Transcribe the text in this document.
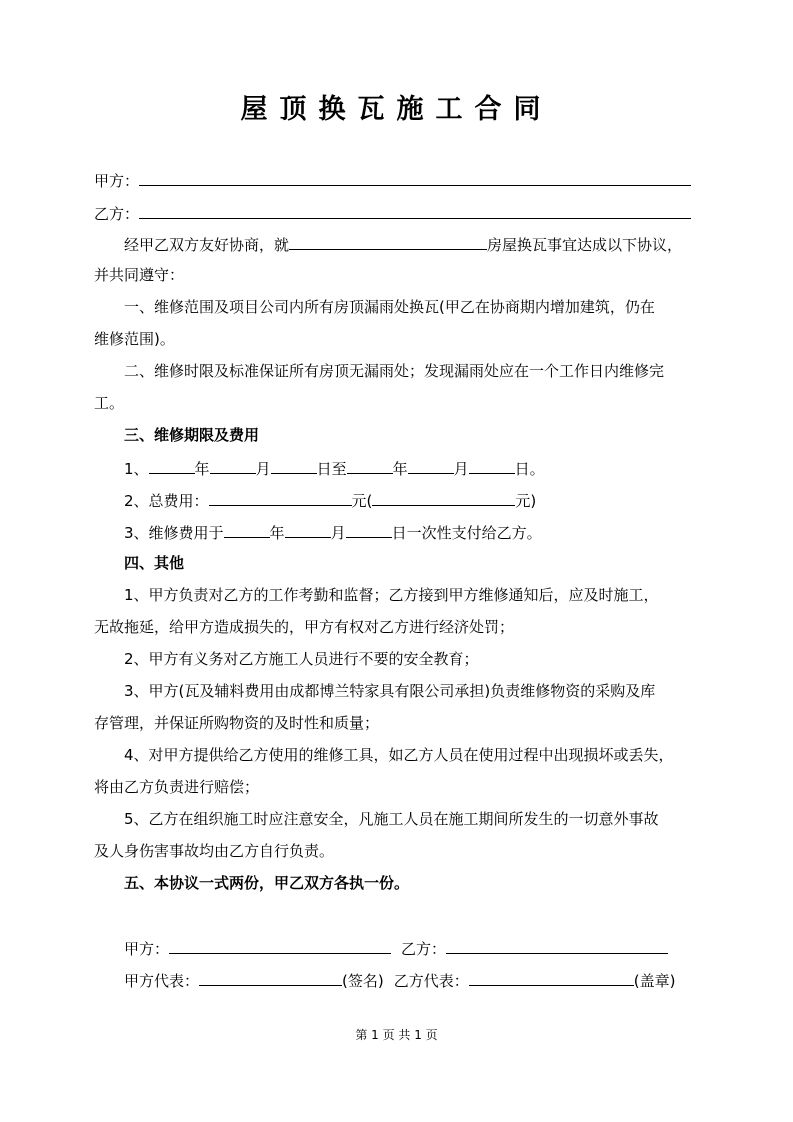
屋顶换瓦施工合同
甲方：
乙方：
经甲乙双方友好协商，就	房屋换瓦事宜达成以下协议，
并共同遵守：
一、维修范围及项目公司内所有房顶漏雨处换瓦(甲乙在协商期内增加建筑，仍在
维修范围)。
二、维修时限及标准保证所有房顶无漏雨处；发现漏雨处应在一个工作日内维修完
工。
三、维修期限及费用
1、	年	月	日至	年	月	日。
2、总费用：	元(	元)
3、维修费用于	年	月	日一次性支付给乙方。
四、其他
1、甲方负责对乙方的工作考勤和监督；乙方接到甲方维修通知后，应及时施工，
无故拖延，给甲方造成损失的，甲方有权对乙方进行经济处罚；
2、甲方有义务对乙方施工人员进行不要的安全教育；
3、甲方(瓦及辅料费用由成都博兰特家具有限公司承担)负责维修物资的采购及库
存管理，并保证所购物资的及时性和质量；
4、对甲方提供给乙方使用的维修工具，如乙方人员在使用过程中出现损坏或丢失，
将由乙方负责进行赔偿；
5、乙方在组织施工时应注意安全，凡施工人员在施工期间所发生的一切意外事故
及人身伤害事故均由乙方自行负责。
五、本协议一式两份，甲乙双方各执一份。
甲方：	乙方：
甲方代表：	(签名) 乙方代表：	(盖章)
第 1 页 共 1 页
